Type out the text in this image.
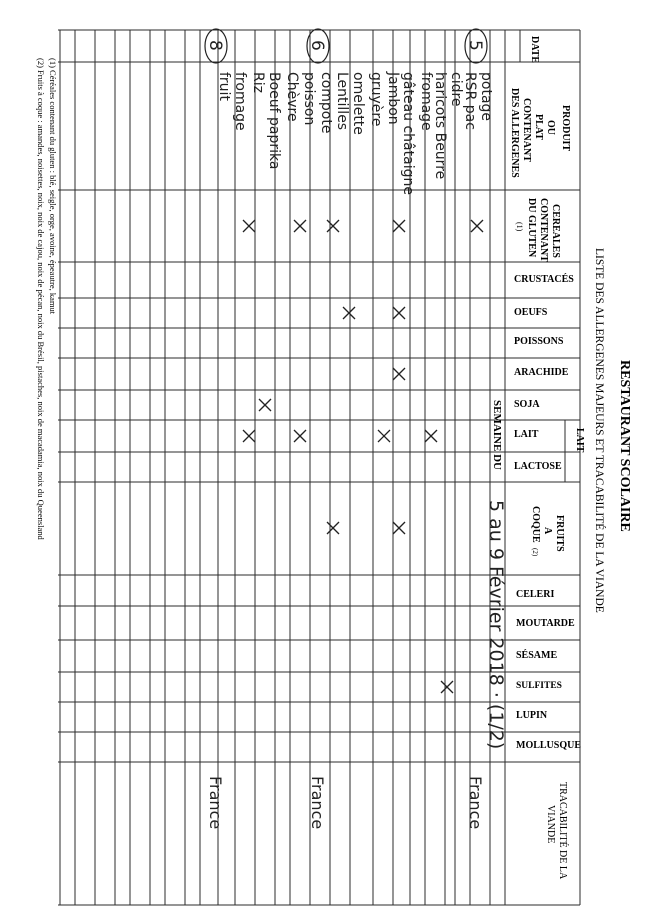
RESTAURANT SCOLAIRE
LISTE DES ALLERGENES MAJEURS ET TRACABILITÉ DE LA VIANDE
DATE
PRODUIT
OU
PLAT
CONTENANT
DES ALLERGENES
CEREALES
CONTENANT
DU GLUTEN
(1)
CRUSTACÉS
OEUFS
POISSONS
ARACHIDE
SOJA
LAIT
LAIT
LACTOSE
FRUITS
A
COQUE
(2)
CELERI
MOUTARDE
SÉSAME
SULFITES
LUPIN
MOLLUSQUE
TRACABILITÉ DE LA
VIANDE
SEMAINE DU
5 au 9 Février 2018 · (1/2)
5
France
6
France
8
France
potage
RSR pac
cidre
haricots Beurre
fromage
gâteau châtaigne
Jambon
gruyère
omelette
Lentilles
compote
poisson
Chèvre
Boeuf paprika
Riz
fromage
fruit
(1) Céréales contenant du gluten : blé, seigle, orge, avoine, épeautre, kamut
(2) Fruits à coque : amandes, noisettes, noix, noix de cajou, noix de pécan, noix du Brésil, pistaches, noix de macadamia, noix du Queensland
